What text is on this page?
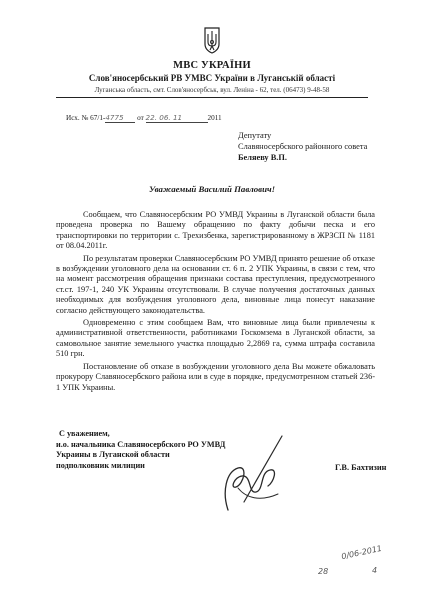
МВС УКРАЇНИ
Слов'яносербський РВ УМВС України в Луганській області
Луганська область, смт. Слов'яносербськ, вул. Леніна - 62, тел. (06473) 9-48-58
Исх. № 67/1-4775 от 22. 06. 11	2011
Депутату
Славяносербского районного совета
Беляеву В.П.
Уважаемый Василий Павлович!

Сообщаем, что Славяносербским РО УМВД Украины в Луганской области была проведена проверка по Вашему обращению по факту добычи песка и его транспортировки по территории с. Трехизбенка, зарегистрированному в ЖРЗСП № 1181 от 08.04.2011г.

По результатам проверки Славяносербским РО УМВД принято решение об отказе в возбуждении уголовного дела на основании ст. 6 п. 2 УПК Украины, в связи с тем, что на момент рассмотрения обращения признаки состава преступления, предусмотренного ст.ст. 197-1, 240 УК Украины отсутствовали. В случае получения достаточных данных необходимых для возбуждения уголовного дела, виновные лица понесут наказание согласно действующего законодательства.

Одновременно с этим сообщаем Вам, что виновные лица были привлечены к административной ответственности, работниками Госкомзема в Луганской области, за самовольное занятие земельного участка площадью 2,2869 га, сумма штрафа составила 510 грн.

Постановление об отказе в возбуждении уголовного дела Вы можете обжаловать прокурору Славяносербского района или в суде в порядке, предусмотренном статьей 236-1 УПК Украины.

С уважением,
и.о. начальника Славяносербского РО УМВД
Украины в Луганской области
подполковник милиции	Г.В. Бахтизин
0/06-2011
28	4
